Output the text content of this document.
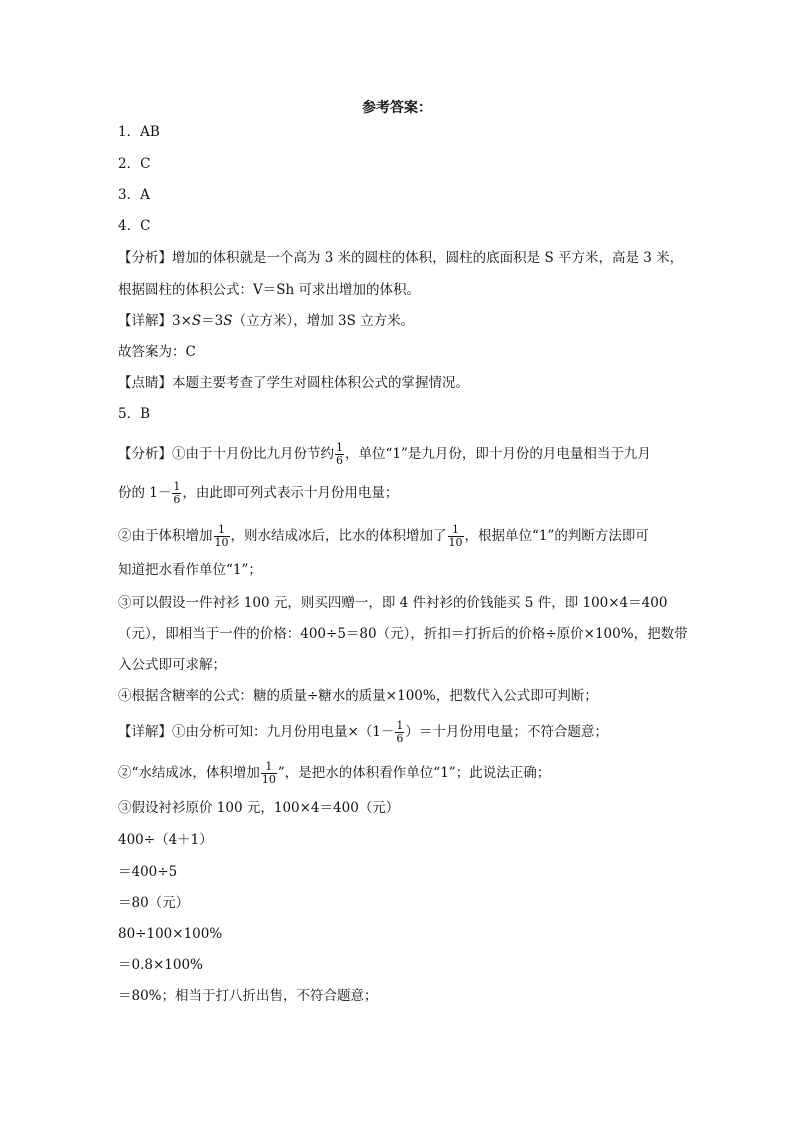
参考答案：
1．AB
2．C
3．A
4．C
【分析】增加的体积就是一个高为 3 米的圆柱的体积，圆柱的底面积是 S 平方米，高是 3 米，
根据圆柱的体积公式：V＝Sh 可求出增加的体积。
【详解】3×S＝3S（立方米），增加 3S 立方米。
故答案为：C
【点睛】本题主要考查了学生对圆柱体积公式的掌握情况。
5．B
【分析】①由于十月份比九月份节约 $\frac{1}{6}$ ，单位“1”是九月份，即十月份的月电量相当于九月
份的 $1- \frac{1}{6}$ ，由此即可列式表示十月份用电量；
②由于体积增加 $\frac{1}{10}$ ，则水结成冰后，比水的体积增加了 $\frac{1}{10}$ ，根据单位“1”的判断方法即可
知道把水看作单位“1”；
③可以假设一件衬衫 100 元，则买四赠一，即 4 件衬衫的价钱能买 5 件，即 100×4＝400
（元），即相当于一件的价格：400÷5＝80（元），折扣＝打折后的价格÷原价×100%，把数带
入公式即可求解；
④根据含糖率的公式：糖的质量÷糖水的质量×100%，把数代入公式即可判断；
【详解】①由分析可知：九月份用电量$\times(1- \frac{1}{6}$ ）＝十月份用电量；不符合题意；
②“水结成冰，体积增加 $\frac{1}{10}$ ”，是把水的体积看作单位“1”；此说法正确；
③假设衬衫原价 100 元，100×4＝400（元）
400÷（4＋1）
＝400÷5
＝80（元）
80÷100×100%
＝0.8×100%
＝80%；相当于打八折出售，不符合题意；
